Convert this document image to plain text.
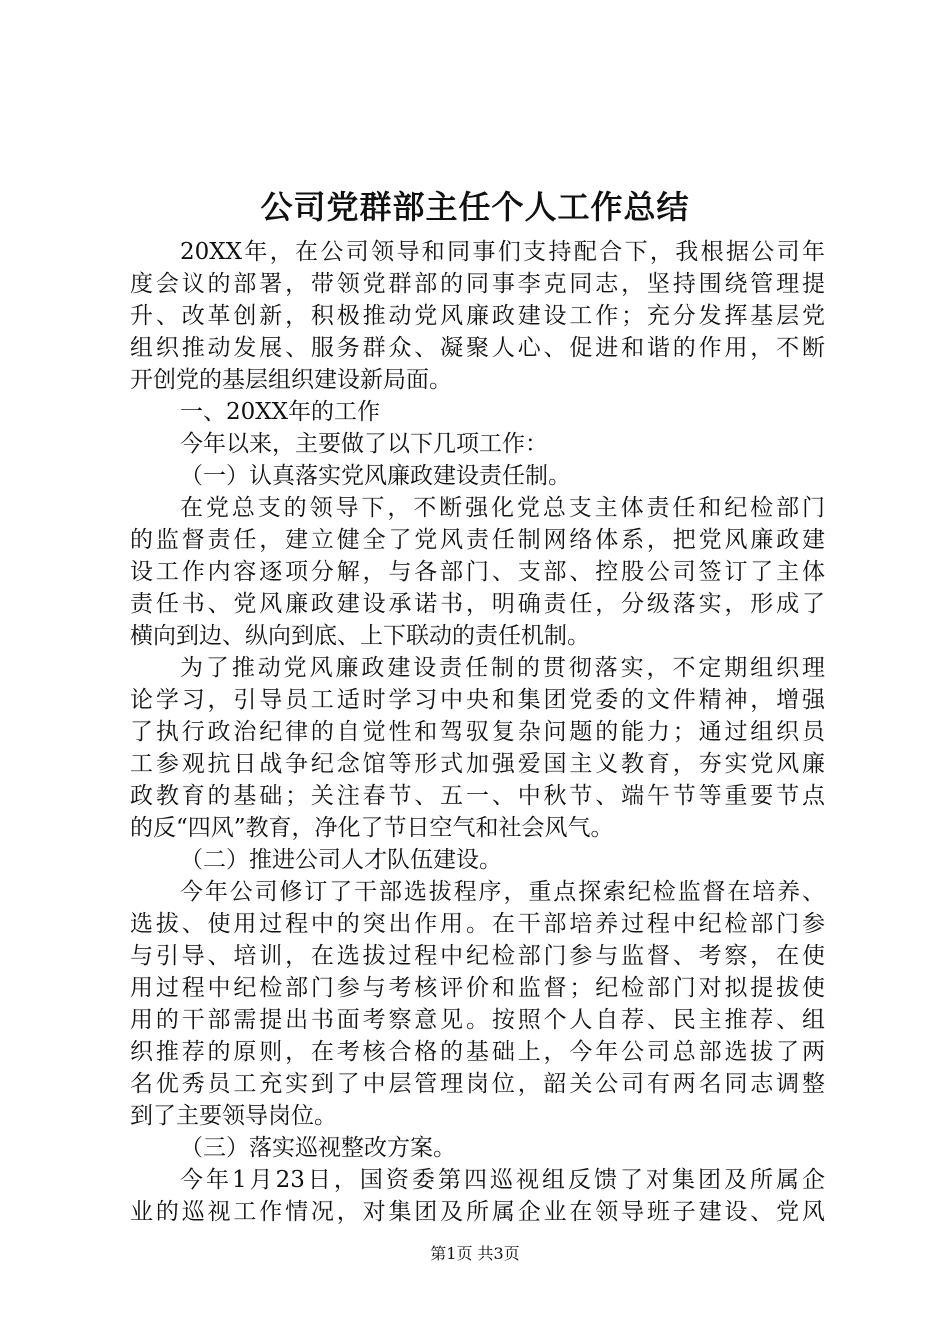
公司党群部主任个人工作总结
20XX年，在公司领导和同事们支持配合下，我根据公司年
度会议的部署，带领党群部的同事李克同志，坚持围绕管理提
升、改革创新，积极推动党风廉政建设工作；充分发挥基层党
组织推动发展、服务群众、凝聚人心、促进和谐的作用，不断
开创党的基层组织建设新局面。
一、20XX年的工作
今年以来，主要做了以下几项工作：
（一）认真落实党风廉政建设责任制。
在党总支的领导下，不断强化党总支主体责任和纪检部门
的监督责任，建立健全了党风责任制网络体系，把党风廉政建
设工作内容逐项分解，与各部门、支部、控股公司签订了主体
责任书、党风廉政建设承诺书，明确责任，分级落实，形成了
横向到边、纵向到底、上下联动的责任机制。
为了推动党风廉政建设责任制的贯彻落实，不定期组织理
论学习，引导员工适时学习中央和集团党委的文件精神，增强
了执行政治纪律的自觉性和驾驭复杂问题的能力；通过组织员
工参观抗日战争纪念馆等形式加强爱国主义教育，夯实党风廉
政教育的基础；关注春节、五一、中秋节、端午节等重要节点
的反“四风”教育，净化了节日空气和社会风气。
（二）推进公司人才队伍建设。
今年公司修订了干部选拔程序，重点探索纪检监督在培养、
选拔、使用过程中的突出作用。在干部培养过程中纪检部门参
与引导、培训，在选拔过程中纪检部门参与监督、考察，在使
用过程中纪检部门参与考核评价和监督；纪检部门对拟提拔使
用的干部需提出书面考察意见。按照个人自荐、民主推荐、组
织推荐的原则，在考核合格的基础上，今年公司总部选拔了两
名优秀员工充实到了中层管理岗位，韶关公司有两名同志调整
到了主要领导岗位。
（三）落实巡视整改方案。
今年1月23日，国资委第四巡视组反馈了对集团及所属企
业的巡视工作情况，对集团及所属企业在领导班子建设、党风
第1页 共3页
